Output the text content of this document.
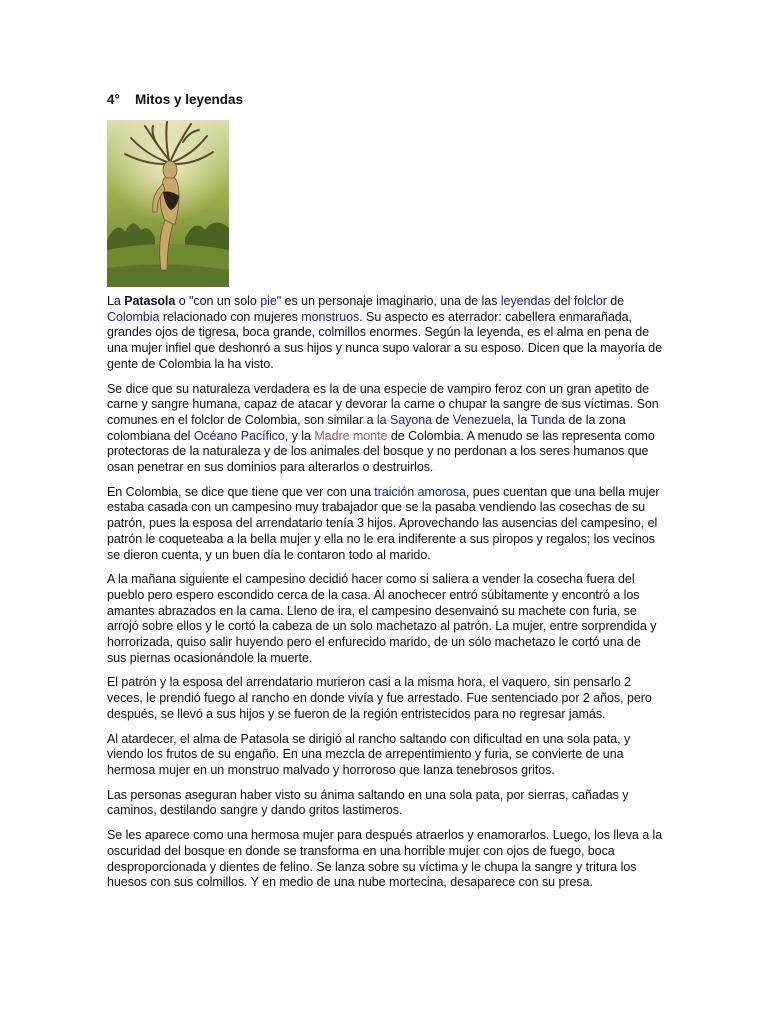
4° Mitos y leyendas

La Patasola o "con un solo pie" es un personaje imaginario, una de las leyendas del folclor de Colombia relacionado con mujeres monstruos. Su aspecto es aterrador: cabellera enmarañada, grandes ojos de tigresa, boca grande, colmillos enormes. Según la leyenda, es el alma en pena de una mujer infiel que deshonró a sus hijos y nunca supo valorar a su esposo. Dicen que la mayoría de gente de Colombia la ha visto.

Se dice que su naturaleza verdadera es la de una especie de vampiro feroz con un gran apetito de carne y sangre humana, capaz de atacar y devorar la carne o chupar la sangre de sus víctimas. Son comunes en el folclor de Colombia, son similar a la Sayona de Venezuela, la Tunda de la zona colombiana del Océano Pacífico, y la Madre monte de Colombia. A menudo se las representa como protectoras de la naturaleza y de los animales del bosque y no perdonan a los seres humanos que osan penetrar en sus dominios para alterarlos o destruirlos.

En Colombia, se dice que tiene que ver con una traición amorosa, pues cuentan que una bella mujer estaba casada con un campesino muy trabajador que se la pasaba vendiendo las cosechas de su patrón, pues la esposa del arrendatario tenía 3 hijos. Aprovechando las ausencias del campesino, el patrón le coqueteaba a la bella mujer y ella no le era indiferente a sus piropos y regalos; los vecinos se dieron cuenta, y un buen día le contaron todo al marido.

A la mañana siguiente el campesino decidió hacer como si saliera a vender la cosecha fuera del pueblo pero espero escondido cerca de la casa. Al anochecer entró súbitamente y encontró a los amantes abrazados en la cama. Lleno de ira, el campesino desenvainó su machete con furia, se arrojó sobre ellos y le cortó la cabeza de un solo machetazo al patrón. La mujer, entre sorprendida y horrorizada, quiso salir huyendo pero el enfurecido marido, de un sólo machetazo le cortó una de sus piernas ocasionándole la muerte.

El patrón y la esposa del arrendatario murieron casi a la misma hora, el vaquero, sin pensarlo 2 veces, le prendió fuego al rancho en donde vivía y fue arrestado. Fue sentenciado por 2 años, pero después, se llevó a sus hijos y se fueron de la región entristecidos para no regresar jamás.

Al atardecer, el alma de Patasola se dirigió al rancho saltando con dificultad en una sola pata, y viendo los frutos de su engaño. En una mezcla de arrepentimiento y furia, se convierte de una hermosa mujer en un monstruo malvado y horroroso que lanza tenebrosos gritos.

Las personas aseguran haber visto su ánima saltando en una sola pata, por sierras, cañadas y caminos, destilando sangre y dando gritos lastimeros.

Se les aparece como una hermosa mujer para después atraerlos y enamorarlos. Luego, los lleva a la oscuridad del bosque en donde se transforma en una horrible mujer con ojos de fuego, boca desproporcionada y dientes de felino. Se lanza sobre su víctima y le chupa la sangre y tritura los huesos con sus colmillos. Y en medio de una nube mortecina, desaparece con su presa.
